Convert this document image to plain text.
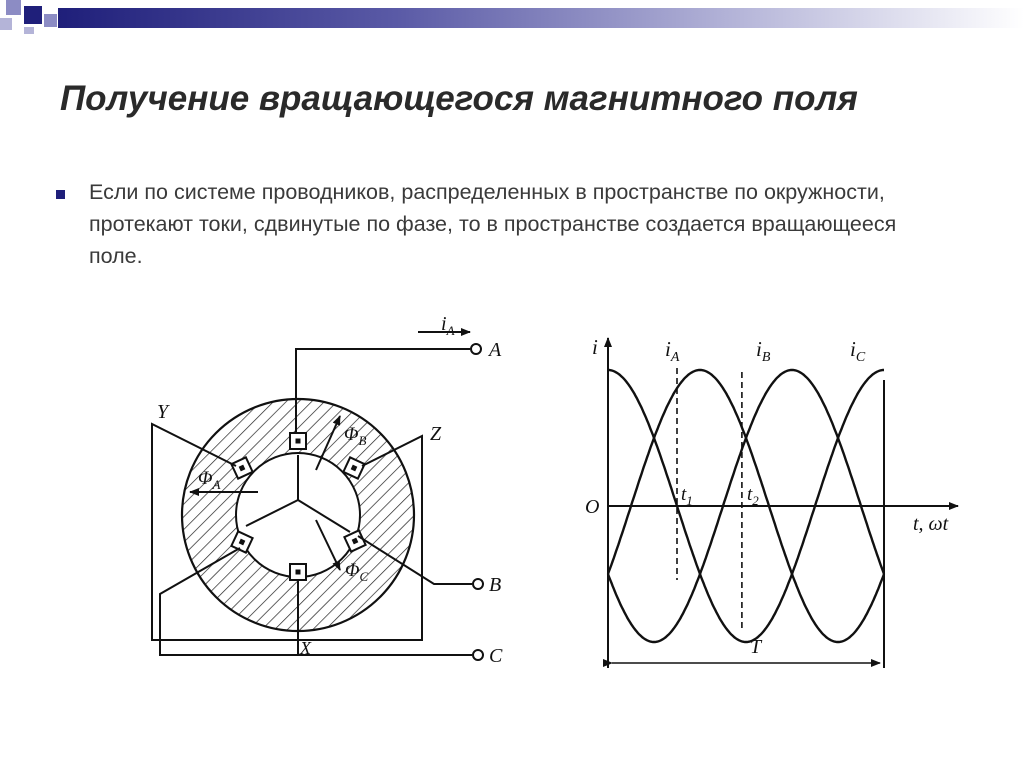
Получение вращающегося магнитного поля
Если по системе проводников, распределенных в пространстве по окружности, протекают токи, сдвинутые по фазе, то в пространстве создается вращающееся поле.
A
B
C
Y
Z
X
$i_A$
$\Phi_A$
$\Phi_B$
$\Phi_C$
i
O
t, ωt
T
$i_A$	$i_B$	$i_C$
$t_1$	$t_2$
